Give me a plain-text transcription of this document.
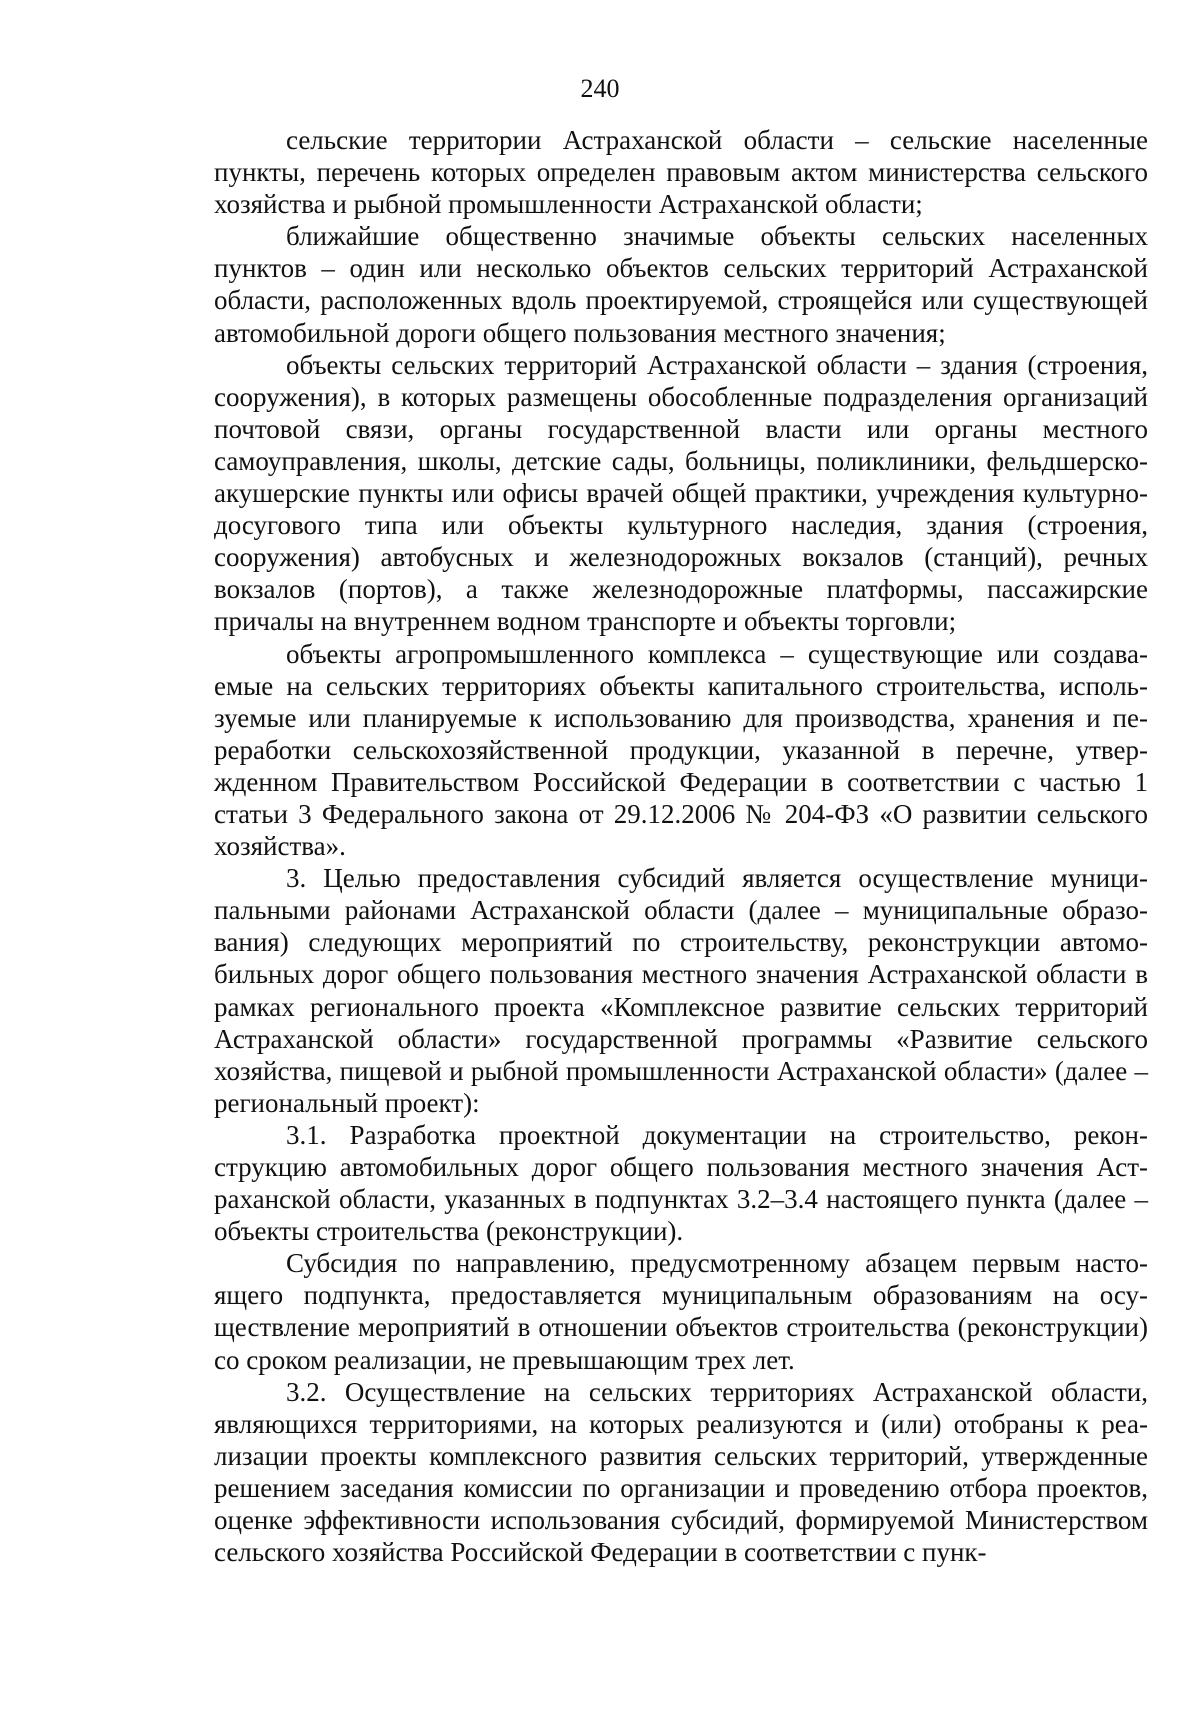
240

сельские территории Астраханской области – сельские населенные пункты, перечень которых определен правовым актом министерства сельского хозяйства и рыбной промышленности Астраханской области;

ближайшие общественно значимые объекты сельских населенных пунктов – один или несколько объектов сельских территорий Астраханской области, расположенных вдоль проектируемой, строящейся или существующей автомобильной дороги общего пользования местного значения;

объекты сельских территорий Астраханской области – здания (строения, сооружения), в которых размещены обособленные подразделения организаций почтовой связи, органы государственной власти или органы местного самоуправления, школы, детские сады, больницы, поликлиники, фельдшерско-акушерские пункты или офисы врачей общей практики, учреждения культурно-досугового типа или объекты культурного наследия, здания (строения, сооружения) автобусных и железнодорожных вокзалов (станций), речных вокзалов (портов), а также железнодорожные платформы, пассажирские причалы на внутреннем водном транспорте и объекты торговли;

объекты агропромышленного комплекса – существующие или создаваемые на сельских территориях объекты капитального строительства, используемые или планируемые к использованию для производства, хранения и переработки сельскохозяйственной продукции, указанной в перечне, утвержденном Правительством Российской Федерации в соответствии с частью 1 статьи 3 Федерального закона от 29.12.2006 № 204-ФЗ «О развитии сельского хозяйства».

3. Целью предоставления субсидий является осуществление муниципальными районами Астраханской области (далее – муниципальные образования) следующих мероприятий по строительству, реконструкции автомобильных дорог общего пользования местного значения Астраханской области в рамках регионального проекта «Комплексное развитие сельских территорий Астраханской области» государственной программы «Развитие сельского хозяйства, пищевой и рыбной промышленности Астраханской области» (далее – региональный проект):

3.1. Разработка проектной документации на строительство, реконструкцию автомобильных дорог общего пользования местного значения Астраханской области, указанных в подпунктах 3.2–3.4 настоящего пункта (далее – объекты строительства (реконструкции).

Субсидия по направлению, предусмотренному абзацем первым настоящего подпункта, предоставляется муниципальным образованиям на осуществление мероприятий в отношении объектов строительства (реконструкции) со сроком реализации, не превышающим трех лет.

3.2. Осуществление на сельских территориях Астраханской области, являющихся территориями, на которых реализуются и (или) отобраны к реализации проекты комплексного развития сельских территорий, утвержденные решением заседания комиссии по организации и проведению отбора проектов, оценке эффективности использования субсидий, формируемой Министерством сельского хозяйства Российской Федерации в соответствии с пунк-
